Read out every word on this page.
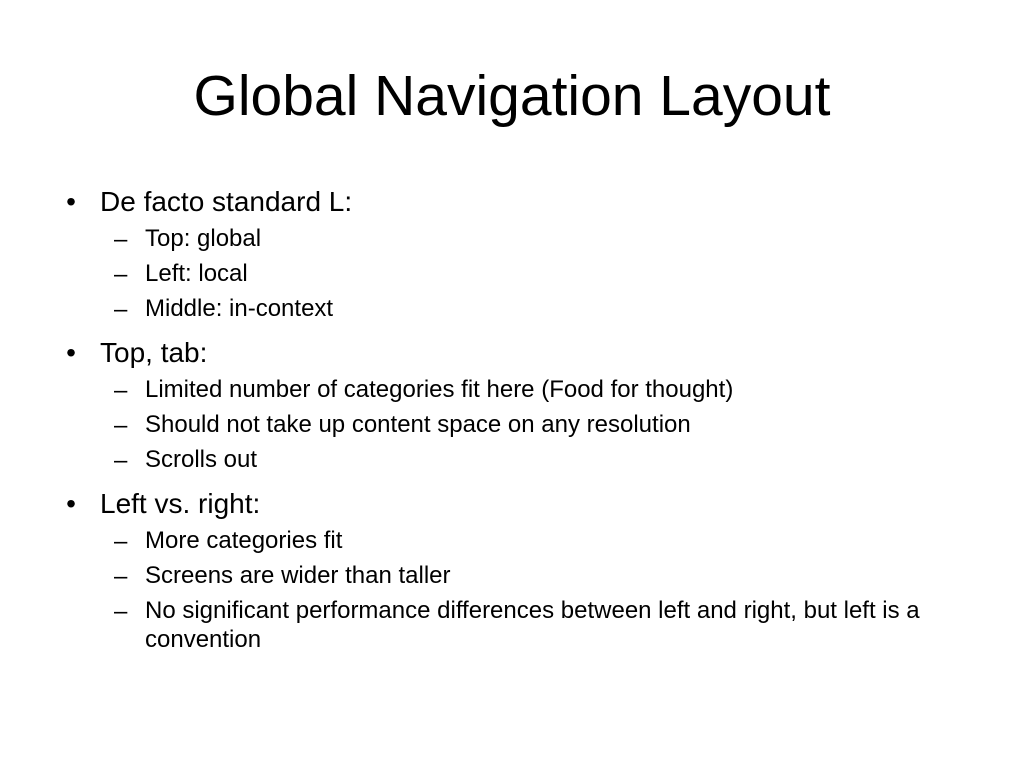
Global Navigation Layout
• De facto standard L:
– Top: global
– Left: local
– Middle: in-context
• Top, tab:
– Limited number of categories fit here (Food for thought)
– Should not take up content space on any resolution
– Scrolls out
• Left vs. right:
– More categories fit
– Screens are wider than taller
– No significant performance differences between left and right, but left is a convention
